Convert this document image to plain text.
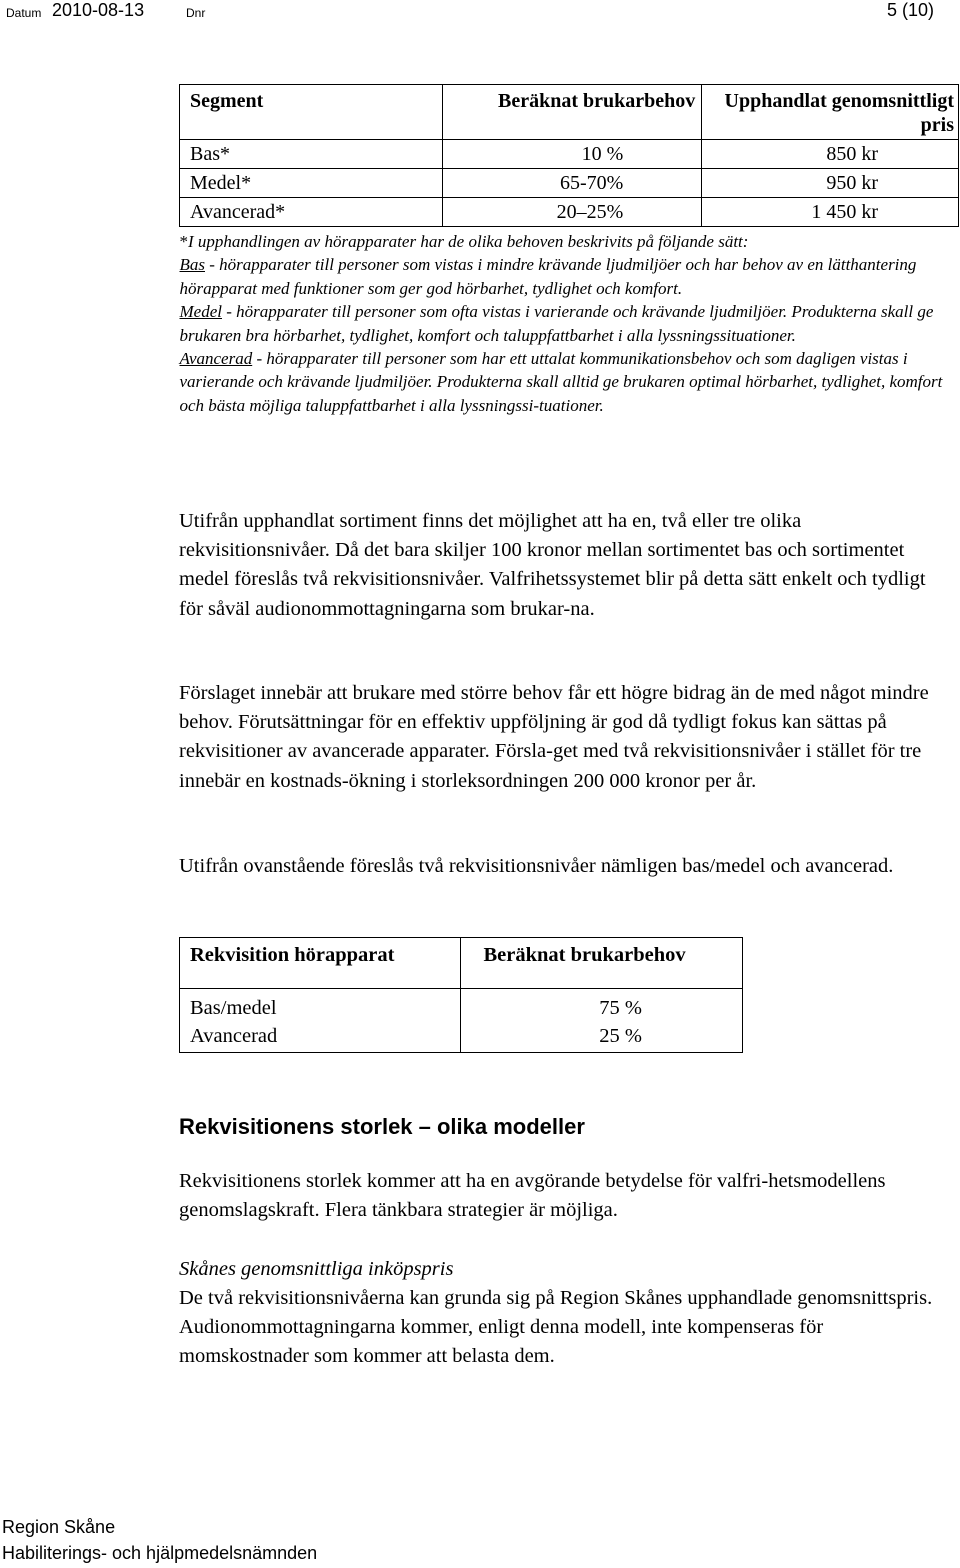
Datum 2010-08-13	Dnr	5 (10)
Segment	Beräknat brukarbehov	Upphandlat genomsnittligt pris
Bas*	10 %	850 kr
Medel*	65-70%	950 kr
Avancerad*	20–25%	1 450 kr
*I upphandlingen av hörapparater har de olika behoven beskrivits på följande sätt:
Bas - hörapparater till personer som vistas i mindre krävande ljudmiljöer och har behov av en lätthantering hörapparat med funktioner som ger god hörbarhet, tydlighet och komfort.
Medel - hörapparater till personer som ofta vistas i varierande och krävande ljudmiljöer. Produkterna skall ge brukaren bra hörbarhet, tydlighet, komfort och taluppfattbarhet i alla lyssningssituationer.
Avancerad - hörapparater till personer som har ett uttalat kommunikationsbehov och som dagligen vistas i varierande och krävande ljudmiljöer. Produkterna skall alltid ge brukaren optimal hörbarhet, tydlighet, komfort och bästa möjliga taluppfattbarhet i alla lyssningssi-tuationer.		
Utifrån upphandlat sortiment finns det möjlighet att ha en, två eller tre olika rekvisitionsnivåer. Då det bara skiljer 100 kronor mellan sortimentet bas och sortimentet medel föreslås två rekvisitionsnivåer. Valfrihetssystemet blir på detta sätt enkelt och tydligt för såväl audionommottagningarna som brukar-na.
Förslaget innebär att brukare med större behov får ett högre bidrag än de med något mindre behov. Förutsättningar för en effektiv uppföljning är god då tydligt fokus kan sättas på rekvisitioner av avancerade apparater. Försla-get med två rekvisitionsnivåer i stället för tre innebär en kostnads-ökning i storleksordningen 200 000 kronor per år.
Utifrån ovanstående föreslås två rekvisitionsnivåer nämligen bas/medel och avancerad.
Rekvisition hörapparat	Beräknat brukarbehov
Bas/medel	75 %
Avancerad	25 %
Rekvisitionens storlek – olika modeller
Rekvisitionens storlek kommer att ha en avgörande betydelse för valfri-hetsmodellens genomslagskraft. Flera tänkbara strategier är möjliga.
Skånes genomsnittliga inköpspris
De två rekvisitionsnivåerna kan grunda sig på Region Skånes upphandlade genomsnittspris. Audionommottagningarna kommer, enligt denna modell, inte kompenseras för momskostnader som kommer att belasta dem.
Region Skåne
Habiliterings- och hjälpmedelsnämnden
